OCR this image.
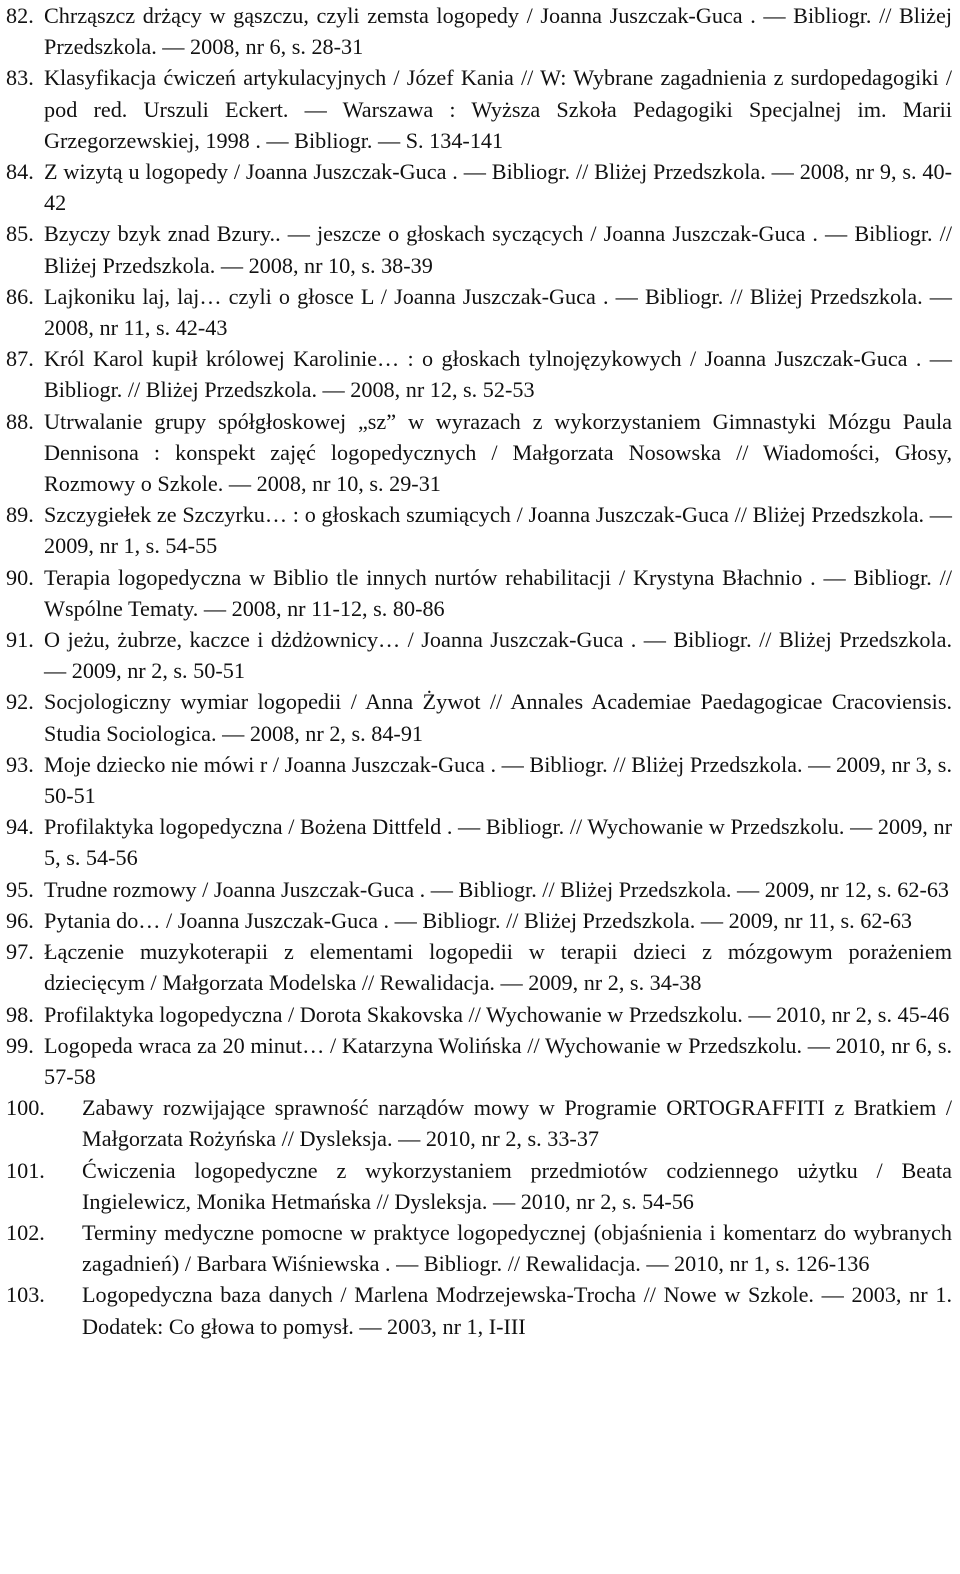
82. Chrząszcz drżący w gąszczu, czyli zemsta logopedy / Joanna Juszczak-Guca . — Bibliogr. // Bliżej Przedszkola. — 2008, nr 6, s. 28-31
83. Klasyfikacja ćwiczeń artykulacyjnych / Józef Kania // W: Wybrane zagadnienia z surdopedagogiki / pod red. Urszuli Eckert. — Warszawa : Wyższa Szkoła Pedagogiki Specjalnej im. Marii Grzegorzewskiej, 1998 . — Bibliogr. — S. 134-141
84. Z wizytą u logopedy / Joanna Juszczak-Guca . — Bibliogr. // Bliżej Przedszkola. — 2008, nr 9, s. 40-42
85. Bzyczy bzyk znad Bzury.. — jeszcze o głoskach syczących / Joanna Juszczak-Guca . — Bibliogr. // Bliżej Przedszkola. — 2008, nr 10, s. 38-39
86. Lajkoniku laj, laj… czyli o głosce L / Joanna Juszczak-Guca . — Bibliogr. // Bliżej Przedszkola. — 2008, nr 11, s. 42-43
87. Król Karol kupił królowej Karolinie… : o głoskach tylnojęzykowych / Joanna Juszczak-Guca . — Bibliogr. // Bliżej Przedszkola. — 2008, nr 12, s. 52-53
88. Utrwalanie grupy spółgłoskowej „sz” w wyrazach z wykorzystaniem Gimnastyki Mózgu Paula Dennisona : konspekt zajęć logopedycznych / Małgorzata Nosowska // Wiadomości, Głosy, Rozmowy o Szkole. — 2008, nr 10, s. 29-31
89. Szczygiełek ze Szczyrku… : o głoskach szumiących / Joanna Juszczak-Guca // Bliżej Przedszkola. — 2009, nr 1, s. 54-55
90. Terapia logopedyczna w Biblio tle innych nurtów rehabilitacji / Krystyna Błachnio . — Bibliogr. // Wspólne Tematy. — 2008, nr 11-12, s. 80-86
91. O jeżu, żubrze, kaczce i dżdżownicy… / Joanna Juszczak-Guca . — Bibliogr. // Bliżej Przedszkola. — 2009, nr 2, s. 50-51
92. Socjologiczny wymiar logopedii / Anna Żywot // Annales Academiae Paedagogicae Cracoviensis. Studia Sociologica. — 2008, nr 2, s. 84-91
93. Moje dziecko nie mówi r / Joanna Juszczak-Guca . — Bibliogr. // Bliżej Przedszkola. — 2009, nr 3, s. 50-51
94. Profilaktyka logopedyczna / Bożena Dittfeld . — Bibliogr. // Wychowanie w Przedszkolu. — 2009, nr 5, s. 54-56
95. Trudne rozmowy / Joanna Juszczak-Guca . — Bibliogr. // Bliżej Przedszkola. — 2009, nr 12, s. 62-63
96. Pytania do… / Joanna Juszczak-Guca . — Bibliogr. // Bliżej Przedszkola. — 2009, nr 11, s. 62-63
97. Łączenie muzykoterapii z elementami logopedii w terapii dzieci z mózgowym porażeniem dziecięcym / Małgorzata Modelska // Rewalidacja. — 2009, nr 2, s. 34-38
98. Profilaktyka logopedyczna / Dorota Skakovska // Wychowanie w Przedszkolu. — 2010, nr 2, s. 45-46
99. Logopeda wraca za 20 minut… / Katarzyna Wolińska // Wychowanie w Przedszkolu. — 2010, nr 6, s. 57-58
100.	Zabawy rozwijające sprawność narządów mowy w Programie ORTOGRAFFITI z Bratkiem / Małgorzata Rożyńska // Dysleksja. — 2010, nr 2, s. 33-37
101.	Ćwiczenia logopedyczne z wykorzystaniem przedmiotów codziennego użytku / Beata Ingielewicz, Monika Hetmańska // Dysleksja. — 2010, nr 2, s. 54-56
102.	Terminy medyczne pomocne w praktyce logopedycznej (objaśnienia i komentarz do wybranych zagadnień) / Barbara Wiśniewska . — Bibliogr. // Rewalidacja. — 2010, nr 1, s. 126-136
103.	Logopedyczna baza danych / Marlena Modrzejewska-Trocha // Nowe w Szkole. — 2003, nr 1. Dodatek: Co głowa to pomysł. — 2003, nr 1, I-III
